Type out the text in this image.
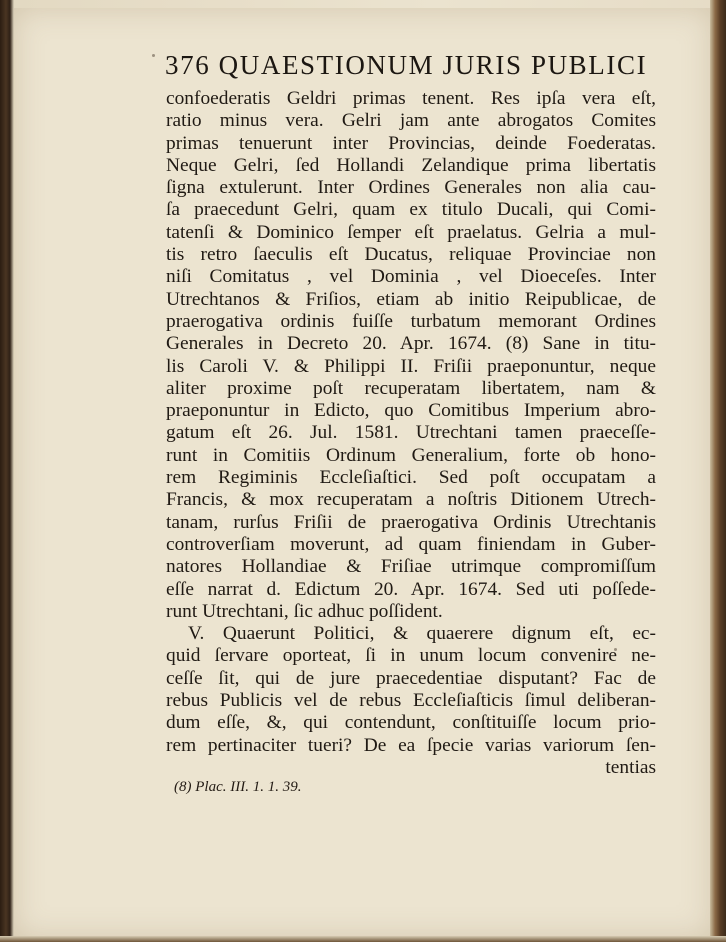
376 QUAESTIONUM JURIS PUBLICI
confoederatis Geldri primas tenent. Res ipſa vera eſt,
ratio minus vera. Gelri jam ante abrogatos Comites
primas tenuerunt inter Provincias, deinde Foederatas.
Neque Gelri, ſed Hollandi Zelandique prima libertatis
ſigna extulerunt. Inter Ordines Generales non alia cau-
ſa praecedunt Gelri, quam ex titulo Ducali, qui Comi-
tatenſi & Dominico ſemper eſt praelatus. Gelria a mul-
tis retro ſaeculis eſt Ducatus, reliquae Provinciae non
niſi Comitatus , vel Dominia , vel Dioeceſes. Inter
Utrechtanos & Friſios, etiam ab initio Reipublicae, de
praerogativa ordinis fuiſſe turbatum memorant Ordines
Generales in Decreto 20. Apr. 1674. (8) Sane in titu-
lis Caroli V. & Philippi II. Friſii praeponuntur, neque
aliter proxime poſt recuperatam libertatem, nam &
praeponuntur in Edicto, quo Comitibus Imperium abro-
gatum eſt 26. Jul. 1581. Utrechtani tamen praeceſſe-
runt in Comitiis Ordinum Generalium, forte ob hono-
rem Regiminis Eccleſiaſtici. Sed poſt occupatam a
Francis, & mox recuperatam a noſtris Ditionem Utrech-
tanam, rurſus Friſii de praerogativa Ordinis Utrechtanis
controverſiam moverunt, ad quam finiendam in Guber-
natores Hollandiae & Friſiae utrimque compromiſſum
eſſe narrat d. Edictum 20. Apr. 1674. Sed uti poſſede-
runt Utrechtani, ſic adhuc poſſident.
V. Quaerunt Politici, & quaerere dignum eſt, ec-
quid ſervare oporteat, ſi in unum locum convenire ne-
ceſſe ſit, qui de jure praecedentiae disputant? Fac de
rebus Publicis vel de rebus Eccleſiaſticis ſimul deliberan-
dum eſſe, &, qui contendunt, conſtituiſſe locum prio-
rem pertinaciter tueri? De ea ſpecie varias variorum ſen-
tentias
(8) Plac. III. 1. 1. 39.
